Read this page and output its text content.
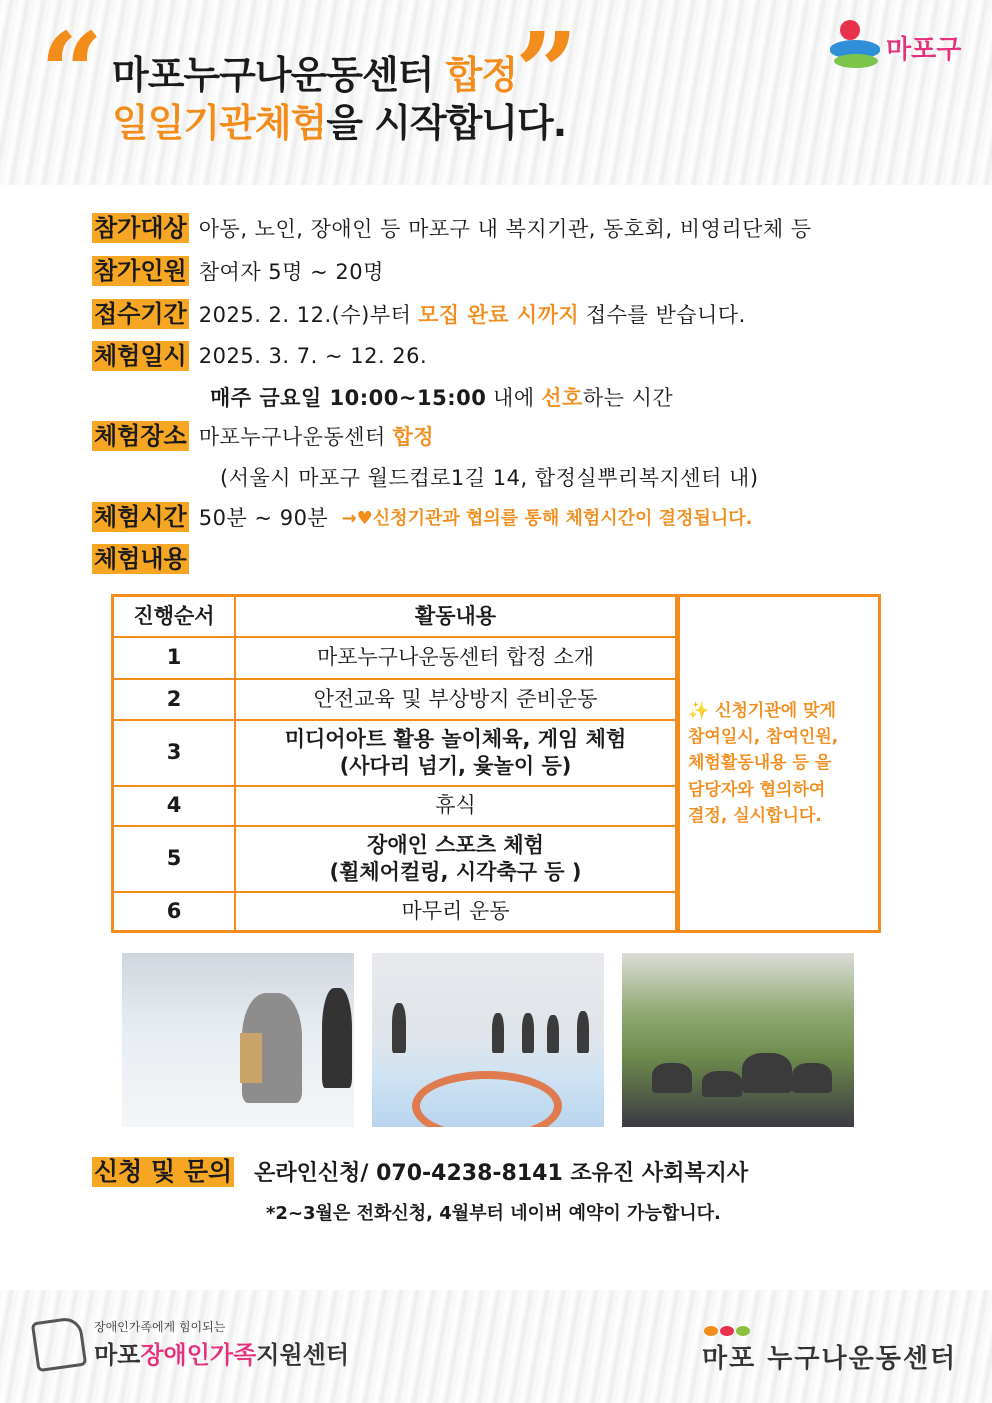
“	”
마포누구나운동센터 합정
일일기관체험을 시작합니다.
마포구
참가대상 아동, 노인, 장애인 등 마포구 내 복지기관, 동호회, 비영리단체 등
참가인원 참여자 5명 ~ 20명
접수기간 2025. 2. 12.(수)부터
모집 완료 시까지
접수를 받습니다.
체험일시 2025. 3. 7. ~ 12. 26.
매주 금요일 10:00~15:00
내에
선호 하는 시간
체험장소 마포누구나운동센터
합정
(서울시 마포구 월드컵로1길 14, 합정실뿌리복지센터 내)
체험시간 50분 ~ 90분
→♥신청기관과 협의를 통해 체험시간이 결정됩니다.
체험내용
진행순서	활동내용
1	마포누구나운동센터 합정 소개
2	안전교육 및 부상방지 준비운동
3	미디어아트 활용 놀이체육, 게임 체험
(사다리 넘기, 윷놀이 등)

4	휴식
5	장애인 스포츠 체험
(휠체어컬링, 시각축구 등 )

6	마무리 운동
✨ 신청기관에 맞게
참여일시, 참여인원,
체험활동내용 등 을
담당자와 협의하여
결정, 실시합니다.
신청 및 문의 온라인신청/ 070-4238-8141 조유진 사회복지사
*2~3월은 전화신청, 4월부터 네이버 예약이 가능합니다.
장애인가족에게 힘이되는
마포장애인가족지원센터	마포 누구나운동센터
